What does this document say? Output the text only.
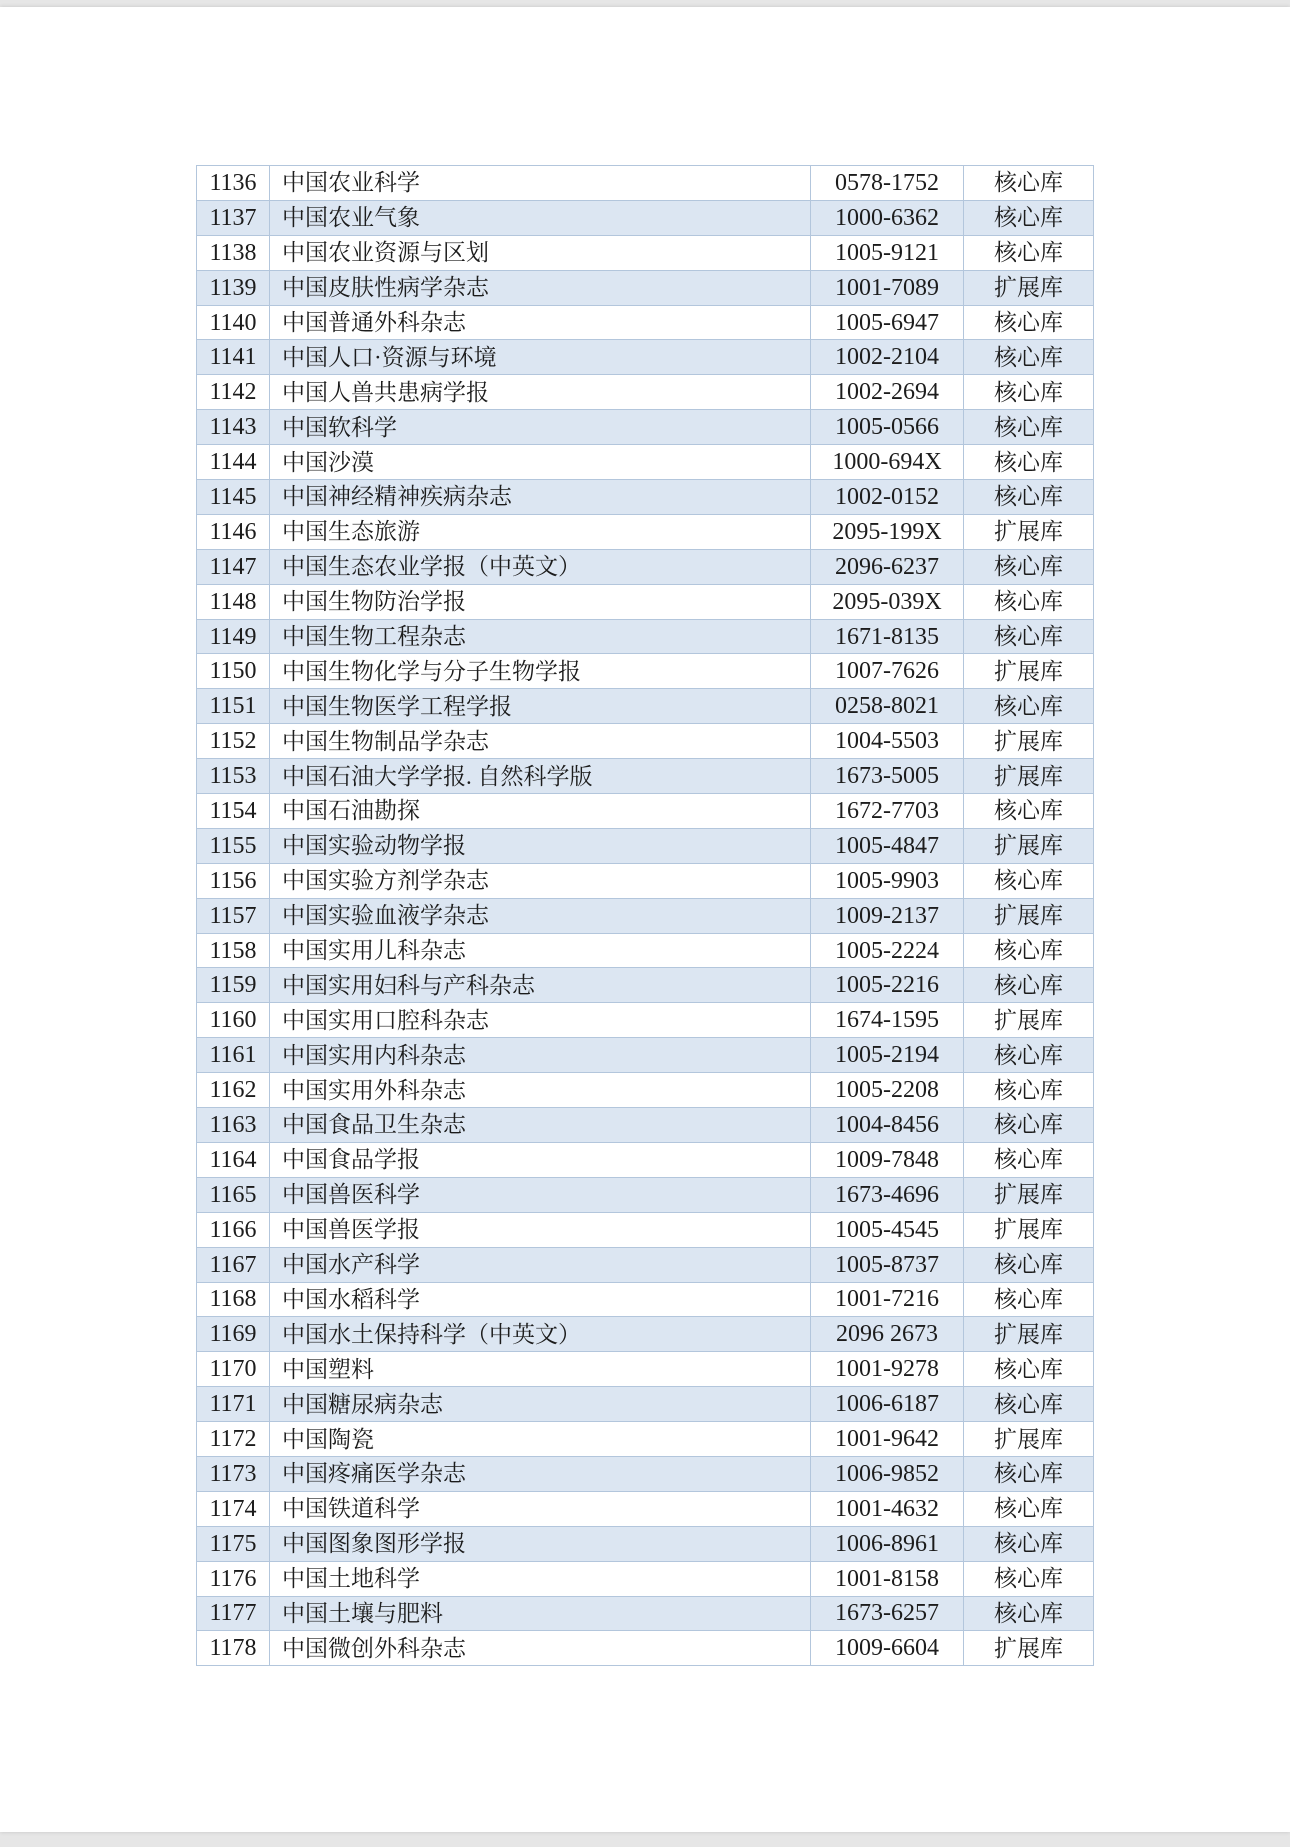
1136	中国农业科学	0578-1752	核心库
1137	中国农业气象	1000-6362	核心库
1138	中国农业资源与区划	1005-9121	核心库
1139	中国皮肤性病学杂志	1001-7089	扩展库
1140	中国普通外科杂志	1005-6947	核心库
1141	中国人口·资源与环境	1002-2104	核心库
1142	中国人兽共患病学报	1002-2694	核心库
1143	中国软科学	1005-0566	核心库
1144	中国沙漠	1000-694X	核心库
1145	中国神经精神疾病杂志	1002-0152	核心库
1146	中国生态旅游	2095-199X	扩展库
1147	中国生态农业学报（中英文）	2096-6237	核心库
1148	中国生物防治学报	2095-039X	核心库
1149	中国生物工程杂志	1671-8135	核心库
1150	中国生物化学与分子生物学报	1007-7626	扩展库
1151	中国生物医学工程学报	0258-8021	核心库
1152	中国生物制品学杂志	1004-5503	扩展库
1153	中国石油大学学报. 自然科学版	1673-5005	扩展库
1154	中国石油勘探	1672-7703	核心库
1155	中国实验动物学报	1005-4847	扩展库
1156	中国实验方剂学杂志	1005-9903	核心库
1157	中国实验血液学杂志	1009-2137	扩展库
1158	中国实用儿科杂志	1005-2224	核心库
1159	中国实用妇科与产科杂志	1005-2216	核心库
1160	中国实用口腔科杂志	1674-1595	扩展库
1161	中国实用内科杂志	1005-2194	核心库
1162	中国实用外科杂志	1005-2208	核心库
1163	中国食品卫生杂志	1004-8456	核心库
1164	中国食品学报	1009-7848	核心库
1165	中国兽医科学	1673-4696	扩展库
1166	中国兽医学报	1005-4545	扩展库
1167	中国水产科学	1005-8737	核心库
1168	中国水稻科学	1001-7216	核心库
1169	中国水土保持科学（中英文）	2096 2673	扩展库
1170	中国塑料	1001-9278	核心库
1171	中国糖尿病杂志	1006-6187	核心库
1172	中国陶瓷	1001-9642	扩展库
1173	中国疼痛医学杂志	1006-9852	核心库
1174	中国铁道科学	1001-4632	核心库
1175	中国图象图形学报	1006-8961	核心库
1176	中国土地科学	1001-8158	核心库
1177	中国土壤与肥料	1673-6257	核心库
1178	中国微创外科杂志	1009-6604	扩展库
